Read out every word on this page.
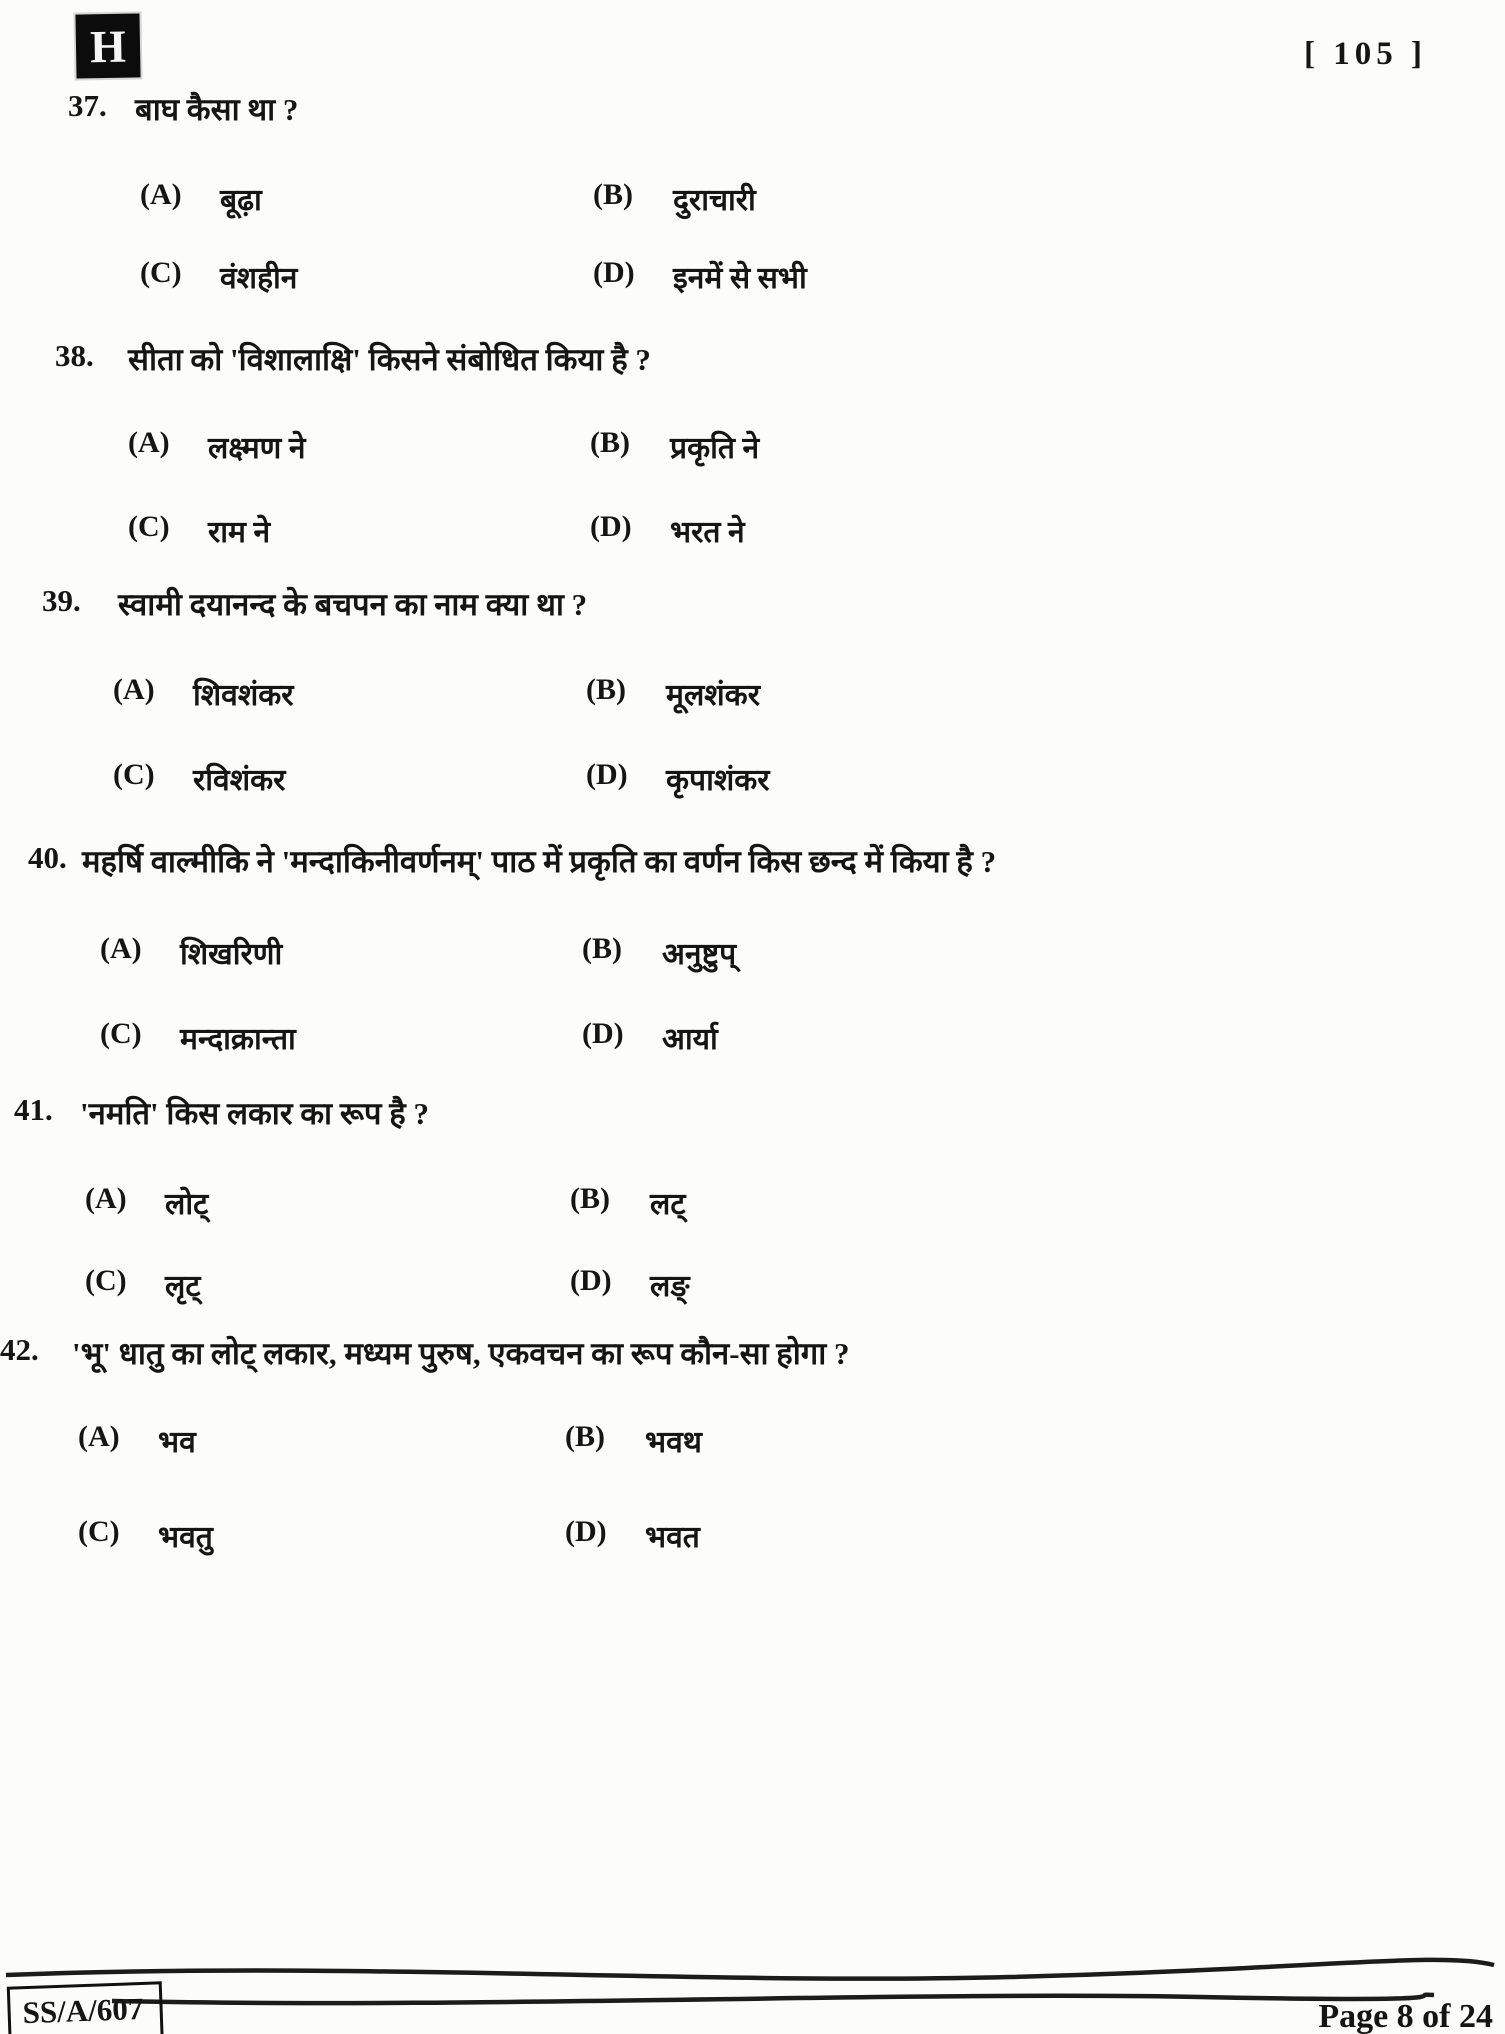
H	[ 105 ]
37. बाघ कैसा था ?
(A)	बूढ़ा	(B)	दुराचारी
(C)	वंशहीन	(D)	इनमें से सभी
38. सीता को 'विशालाक्षि' किसने संबोधित किया है ?
(A)	लक्ष्मण ने	(B)	प्रकृति ने
(C)	राम ने	(D)	भरत ने
39. स्वामी दयानन्द के बचपन का नाम क्या था ?
(A)	शिवशंकर	(B)	मूलशंकर
(C)	रविशंकर	(D)	कृपाशंकर
40. महर्षि वाल्मीकि ने 'मन्दाकिनीवर्णनम्' पाठ में प्रकृति का वर्णन किस छन्द में किया है ?
(A)	शिखरिणी	(B)	अनुष्टुप्
(C)	मन्दाक्रान्ता	(D)	आर्या
41. 'नमति' किस लकार का रूप है ?
(A)	लोट्	(B)	लट्
(C)	लृट्	(D)	लङ्
42. 'भू' धातु का लोट् लकार, मध्यम पुरुष, एकवचन का रूप कौन-सा होगा ?
(A)	भव	(B)	भवथ
(C)	भवतु	(D)	भवत
SS/A/607	Page 8 of 24
